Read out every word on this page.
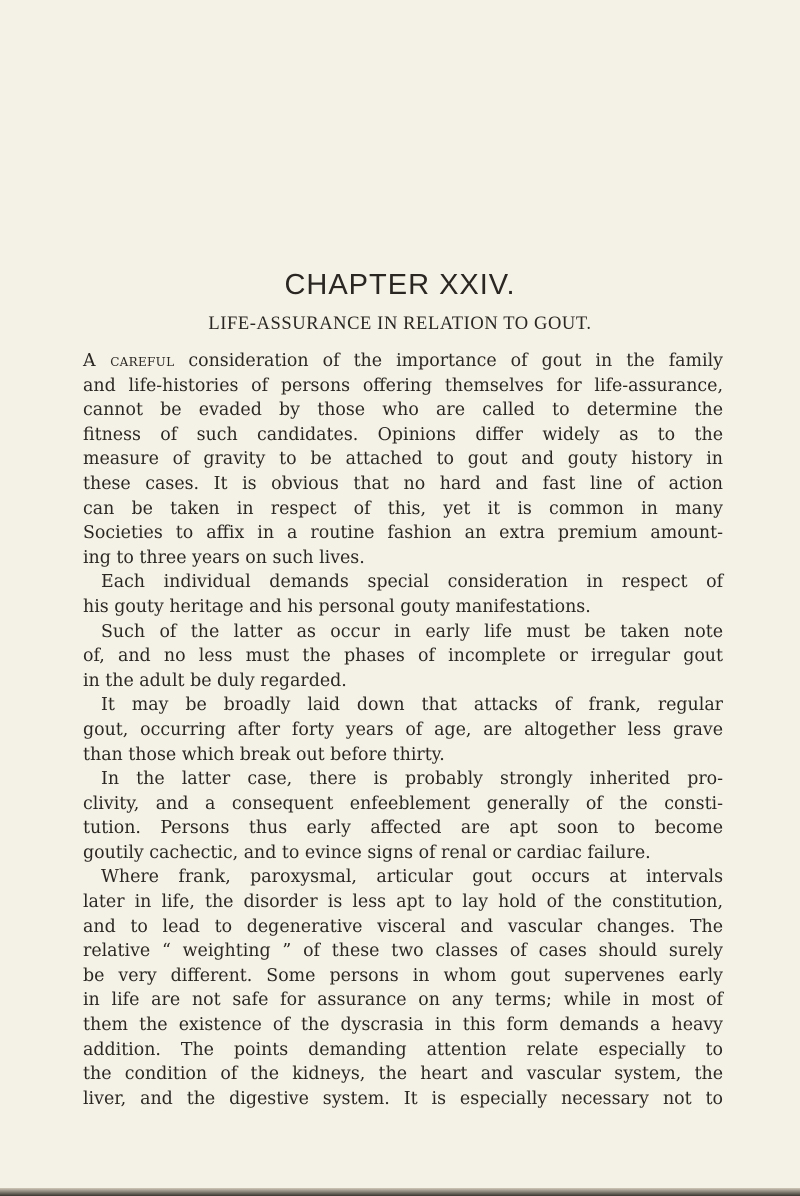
CHAPTER XXIV.
LIFE-ASSURANCE IN RELATION TO GOUT.
A careful consideration of the importance of gout in the family
and life-histories of persons offering themselves for life-assurance,
cannot be evaded by those who are called to determine the
fitness of such candidates. Opinions differ widely as to the
measure of gravity to be attached to gout and gouty history in
these cases. It is obvious that no hard and fast line of action
can be taken in respect of this, yet it is common in many
Societies to affix in a routine fashion an extra premium amount-
ing to three years on such lives.
Each individual demands special consideration in respect of
his gouty heritage and his personal gouty manifestations.
Such of the latter as occur in early life must be taken note
of, and no less must the phases of incomplete or irregular gout
in the adult be duly regarded.
It may be broadly laid down that attacks of frank, regular
gout, occurring after forty years of age, are altogether less grave
than those which break out before thirty.
In the latter case, there is probably strongly inherited pro-
clivity, and a consequent enfeeblement generally of the consti-
tution. Persons thus early affected are apt soon to become
goutily cachectic, and to evince signs of renal or cardiac failure.
Where frank, paroxysmal, articular gout occurs at intervals
later in life, the disorder is less apt to lay hold of the constitution,
and to lead to degenerative visceral and vascular changes. The
relative “ weighting ” of these two classes of cases should surely
be very different. Some persons in whom gout supervenes early
in life are not safe for assurance on any terms; while in most of
them the existence of the dyscrasia in this form demands a heavy
addition. The points demanding attention relate especially to
the condition of the kidneys, the heart and vascular system, the
liver, and the digestive system. It is especially necessary not to
